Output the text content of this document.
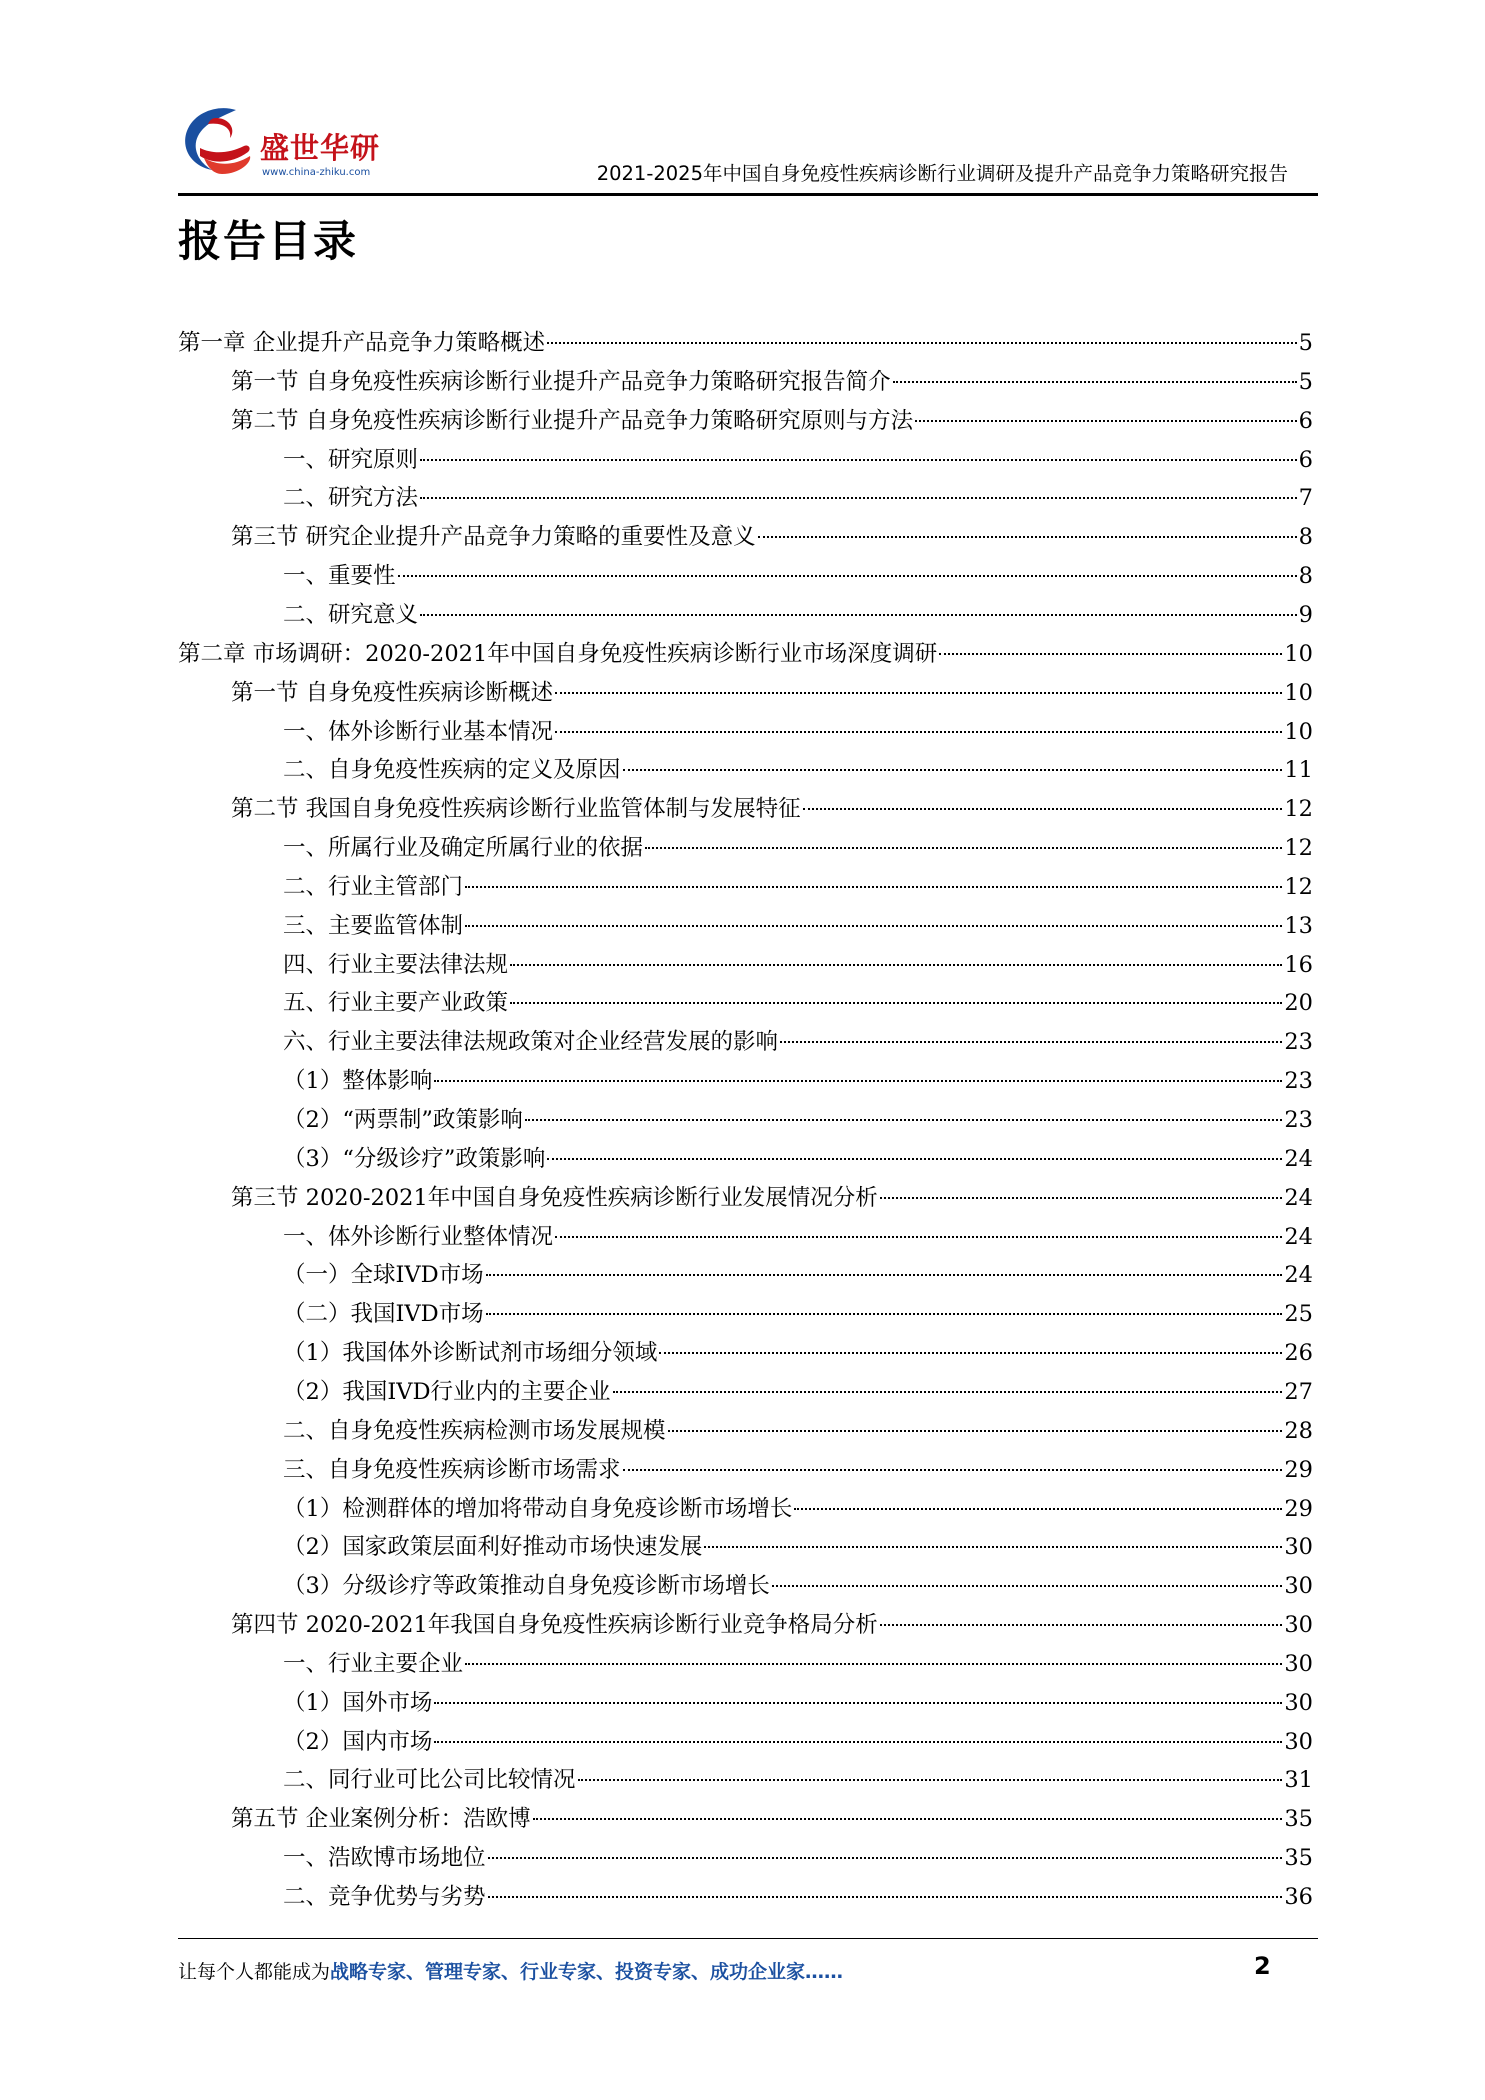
盛世华研
www.china-zhiku.com	2021-2025年中国自身免疫性疾病诊断行业调研及提升产品竞争力策略研究报告
报告目录
第一章 企业提升产品竞争力策略概述	5
第一节 自身免疫性疾病诊断行业提升产品竞争力策略研究报告简介	5
第二节 自身免疫性疾病诊断行业提升产品竞争力策略研究原则与方法	6
一、研究原则	6
二、研究方法	7
第三节 研究企业提升产品竞争力策略的重要性及意义	8
一、重要性	8
二、研究意义	9
第二章 市场调研：2020-2021年中国自身免疫性疾病诊断行业市场深度调研	10
第一节 自身免疫性疾病诊断概述	10
一、体外诊断行业基本情况	10
二、自身免疫性疾病的定义及原因	11
第二节 我国自身免疫性疾病诊断行业监管体制与发展特征	12
一、所属行业及确定所属行业的依据	12
二、行业主管部门	12
三、主要监管体制	13
四、行业主要法律法规	16
五、行业主要产业政策	20
六、行业主要法律法规政策对企业经营发展的影响	23
（1）整体影响	23
（2）“两票制”政策影响	23
（3）“分级诊疗”政策影响	24
第三节 2020-2021年中国自身免疫性疾病诊断行业发展情况分析	24
一、体外诊断行业整体情况	24
（一）全球IVD市场	24
（二）我国IVD市场	25
（1）我国体外诊断试剂市场细分领域	26
（2）我国IVD行业内的主要企业	27
二、自身免疫性疾病检测市场发展规模	28
三、自身免疫性疾病诊断市场需求	29
（1）检测群体的增加将带动自身免疫诊断市场增长	29
（2）国家政策层面利好推动市场快速发展	30
（3）分级诊疗等政策推动自身免疫诊断市场增长	30
第四节 2020-2021年我国自身免疫性疾病诊断行业竞争格局分析	30
一、行业主要企业	30
（1）国外市场	30
（2）国内市场	30
二、同行业可比公司比较情况	31
第五节 企业案例分析：浩欧博	35
一、浩欧博市场地位	35
二、竞争优势与劣势	36
让每个人都能成为战略专家、管理专家、行业专家、投资专家、成功企业家……	2
